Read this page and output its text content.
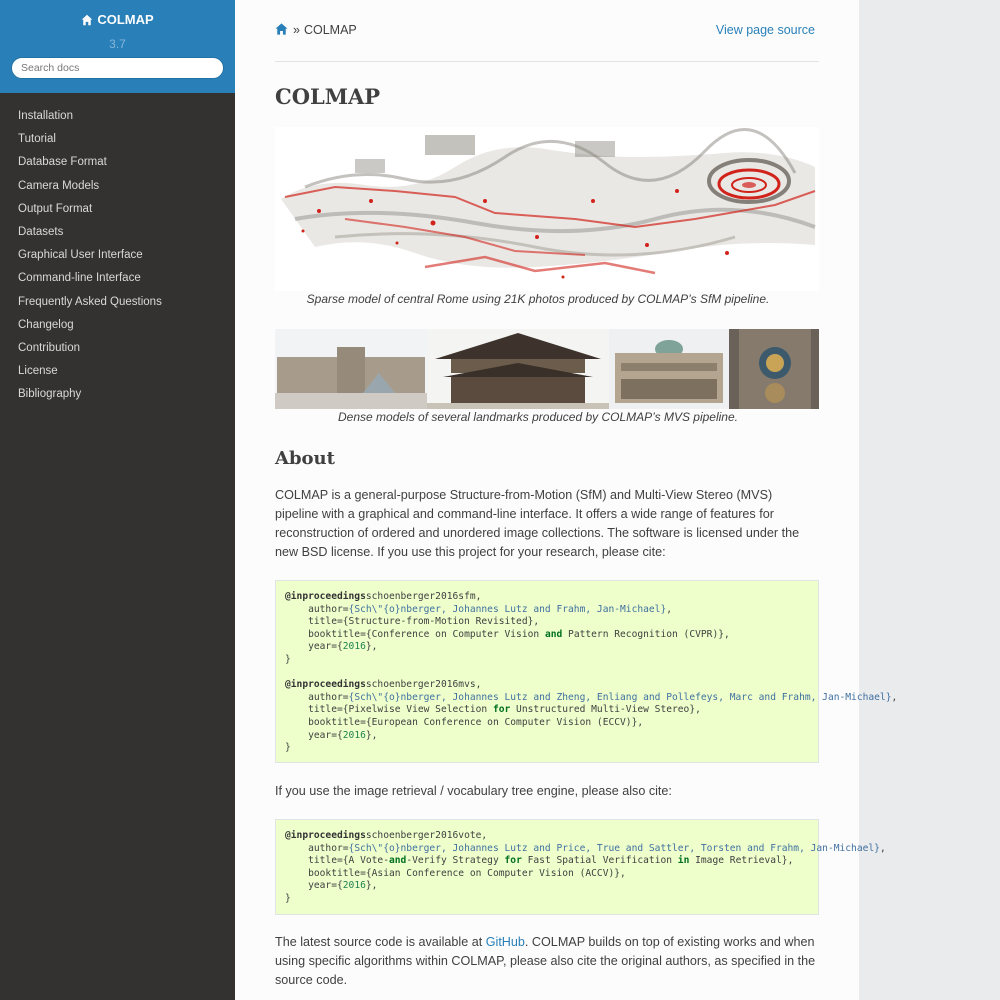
COLMAP
3.7
Search docs
Installation
Tutorial
Database Format
Camera Models
Output Format
Datasets
Graphical User Interface
Command-line Interface
Frequently Asked Questions
Changelog
Contribution
License
Bibliography
» COLMAP	View page source
COLMAP

Sparse model of central Rome using 21K photos produced by COLMAP’s SfM pipeline.

Dense models of several landmarks produced by COLMAP’s MVS pipeline.

About

COLMAP is a general-purpose Structure-from-Motion (SfM) and Multi-View Stereo (MVS) pipeline with a graphical and command-line interface. It offers a wide range of features for reconstruction of ordered and unordered image collections. The software is licensed under the new BSD license. If you use this project for your research, please cite:

@inproceedingsschoenberger2016sfm,
author={Sch\"{o}nberger, Johannes Lutz and Frahm, Jan-Michael},
title={Structure-from-Motion Revisited},
booktitle={Conference on Computer Vision and Pattern Recognition (CVPR)},
year={2016},
}

@inproceedingsschoenberger2016mvs,
author={Sch\"{o}nberger, Johannes Lutz and Zheng, Enliang and Pollefeys, Marc and Frahm, Jan-Michael},
title={Pixelwise View Selection for Unstructured Multi-View Stereo},
booktitle={European Conference on Computer Vision (ECCV)},
year={2016},
}

If you use the image retrieval / vocabulary tree engine, please also cite:

@inproceedingsschoenberger2016vote,
author={Sch\"{o}nberger, Johannes Lutz and Price, True and Sattler, Torsten and Frahm, Jan-Michael},
title={A Vote-and-Verify Strategy for Fast Spatial Verification in Image Retrieval},
booktitle={Asian Conference on Computer Vision (ACCV)},
year={2016},
}

The latest source code is available at GitHub. COLMAP builds on top of existing works and when using specific algorithms within COLMAP, please also cite the original authors, as specified in the source code.
